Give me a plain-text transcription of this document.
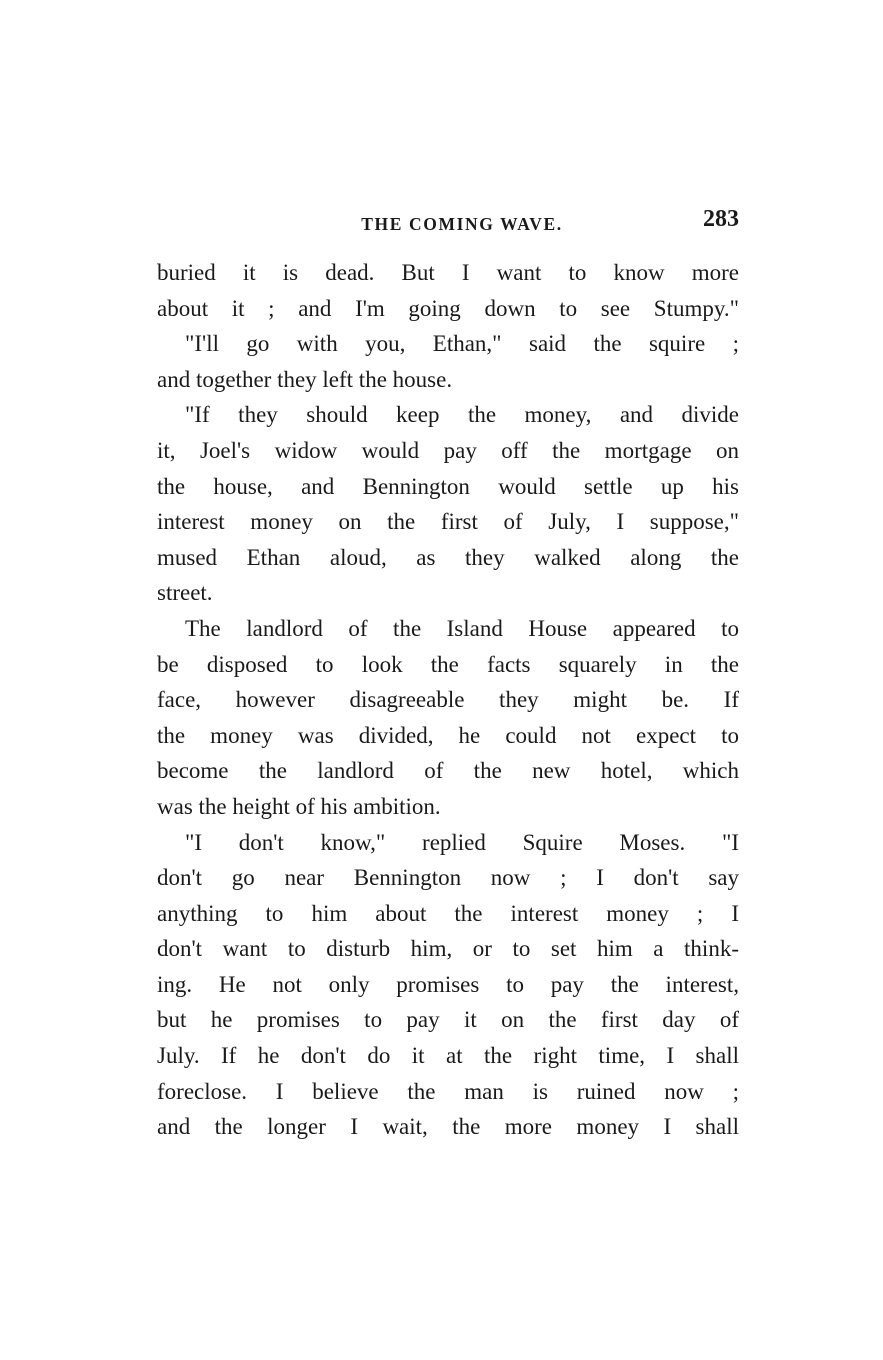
THE COMING WAVE.	283
buried it is dead. But I want to know more
about it ; and I'm going down to see Stumpy."
"I'll go with you, Ethan," said the squire ;
and together they left the house.
"If they should keep the money, and divide
it, Joel's widow would pay off the mortgage on
the house, and Bennington would settle up his
interest money on the first of July, I suppose,"
mused Ethan aloud, as they walked along the
street.
The landlord of the Island House appeared to
be disposed to look the facts squarely in the
face, however disagreeable they might be. If
the money was divided, he could not expect to
become the landlord of the new hotel, which
was the height of his ambition.
"I don't know," replied Squire Moses. "I
don't go near Bennington now ; I don't say
anything to him about the interest money ; I
don't want to disturb him, or to set him a think-
ing. He not only promises to pay the interest,
but he promises to pay it on the first day of
July. If he don't do it at the right time, I shall
foreclose. I believe the man is ruined now ;
and the longer I wait, the more money I shall
